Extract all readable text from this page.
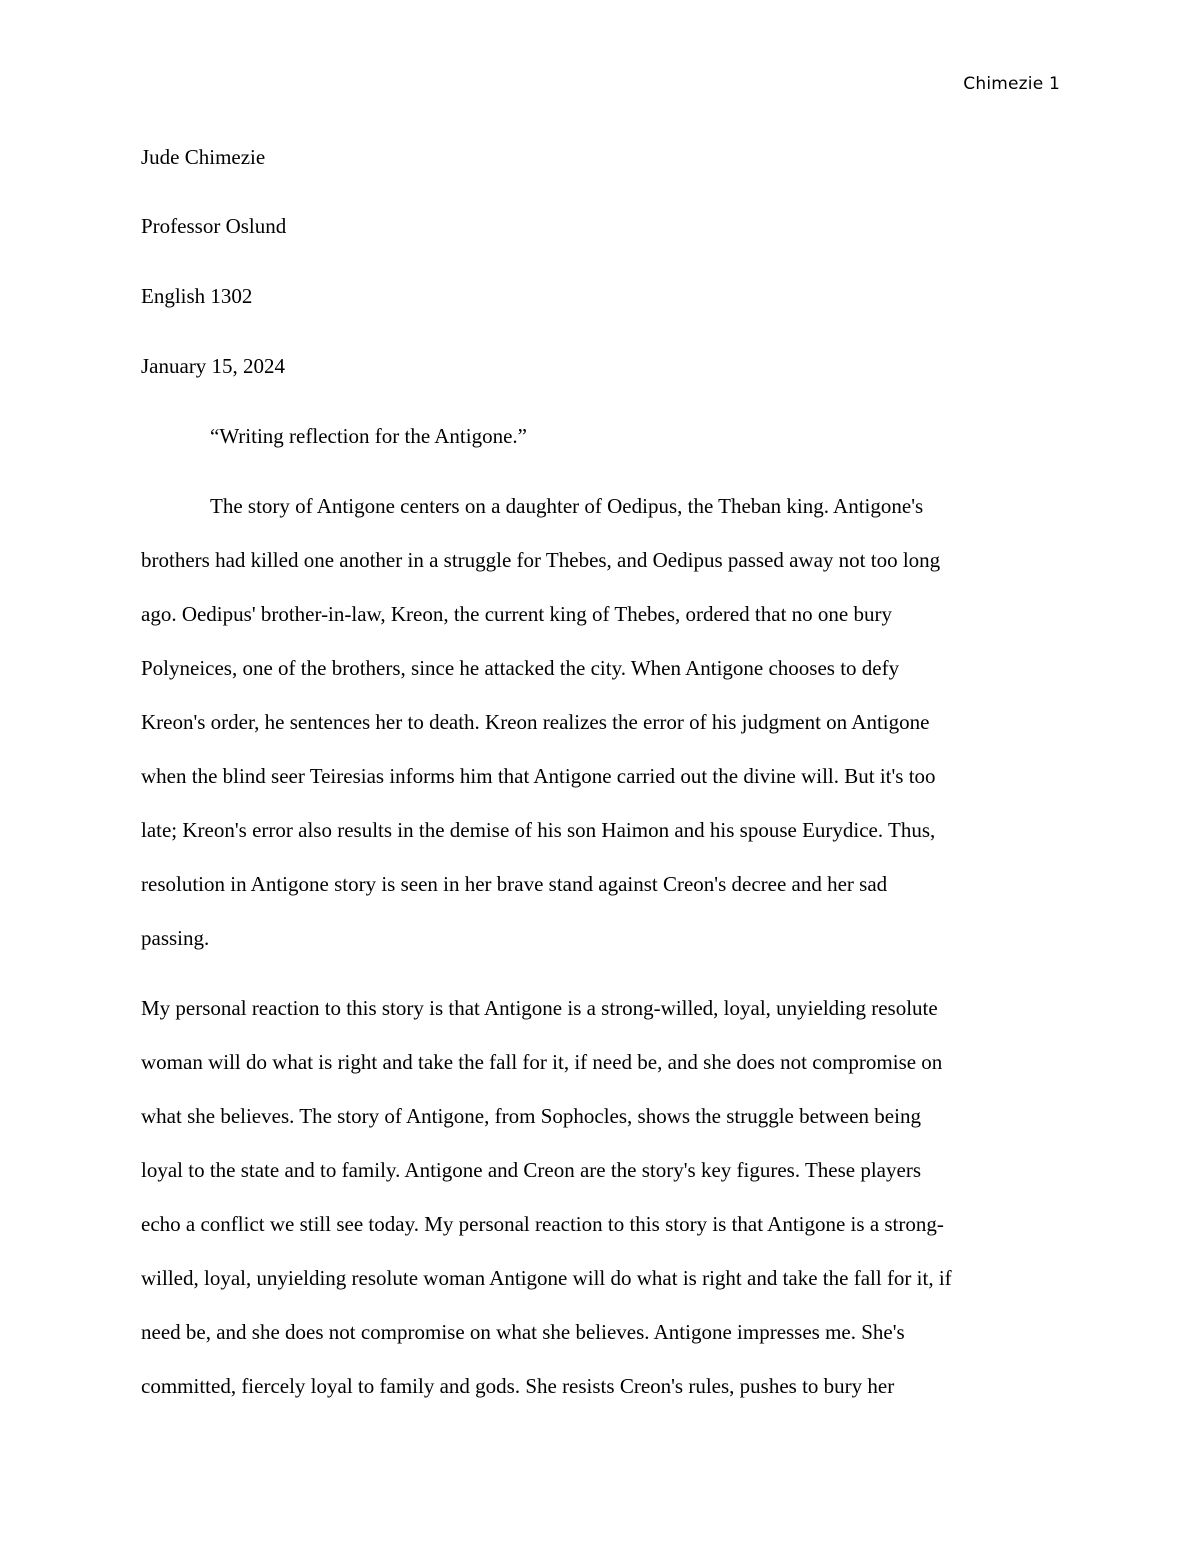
Chimezie 1
Jude Chimezie
Professor Oslund
English 1302
January 15, 2024
“Writing reflection for the Antigone.”
The story of Antigone centers on a daughter of Oedipus, the Theban king. Antigone's
brothers had killed one another in a struggle for Thebes, and Oedipus passed away not too long
ago. Oedipus' brother-in-law, Kreon, the current king of Thebes, ordered that no one bury
Polyneices, one of the brothers, since he attacked the city. When Antigone chooses to defy
Kreon's order, he sentences her to death. Kreon realizes the error of his judgment on Antigone
when the blind seer Teiresias informs him that Antigone carried out the divine will. But it's too
late; Kreon's error also results in the demise of his son Haimon and his spouse Eurydice. Thus,
resolution in Antigone story is seen in her brave stand against Creon's decree and her sad
passing.
My personal reaction to this story is that Antigone is a strong-willed, loyal, unyielding resolute
woman will do what is right and take the fall for it, if need be, and she does not compromise on
what she believes. The story of Antigone, from Sophocles, shows the struggle between being
loyal to the state and to family. Antigone and Creon are the story's key figures. These players
echo a conflict we still see today. My personal reaction to this story is that Antigone is a strong-
willed, loyal, unyielding resolute woman Antigone will do what is right and take the fall for it, if
need be, and she does not compromise on what she believes. Antigone impresses me. She's
committed, fiercely loyal to family and gods. She resists Creon's rules, pushes to bury her
